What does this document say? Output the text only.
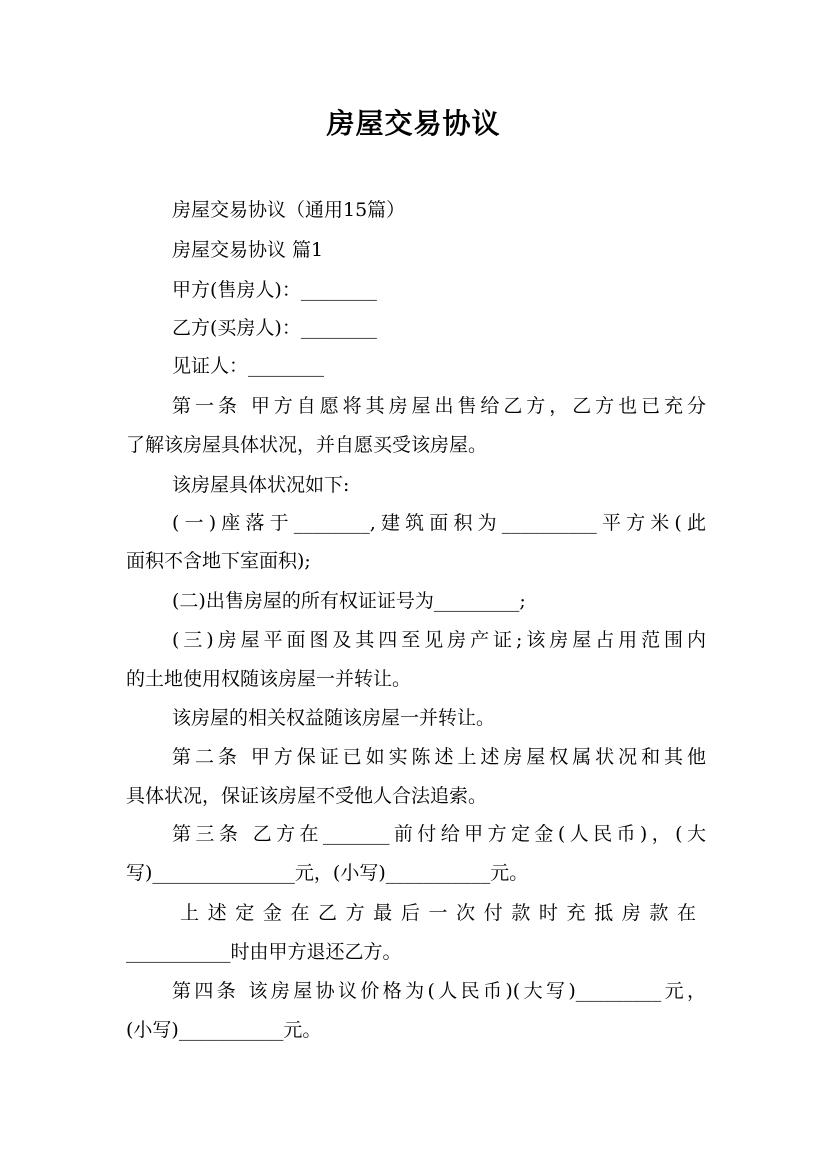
房屋交易协议
房屋交易协议（通用15篇）
房屋交易协议 篇1
甲方(售房人)：________
乙方(买房人)：________
见证人：________
第一条 甲方自愿将其房屋出售给乙方，乙方也已充分
了解该房屋具体状况，并自愿买受该房屋。
该房屋具体状况如下:
(一)座落于________,建筑面积为__________平方米(此
面积不含地下室面积);
(二)出售房屋的所有权证证号为_________;
(三)房屋平面图及其四至见房产证;该房屋占用范围内
的土地使用权随该房屋一并转让。
该房屋的相关权益随该房屋一并转让。
第二条 甲方保证已如实陈述上述房屋权属状况和其他
具体状况，保证该房屋不受他人合法追索。
第三条 乙方在_______前付给甲方定金(人民币)，(大
写)_______________元，(小写)___________元。
上述定金在乙方最后一次付款时充抵房款在
___________时由甲方退还乙方。
第四条 该房屋协议价格为(人民币)(大写)_________元，
(小写)___________元。
